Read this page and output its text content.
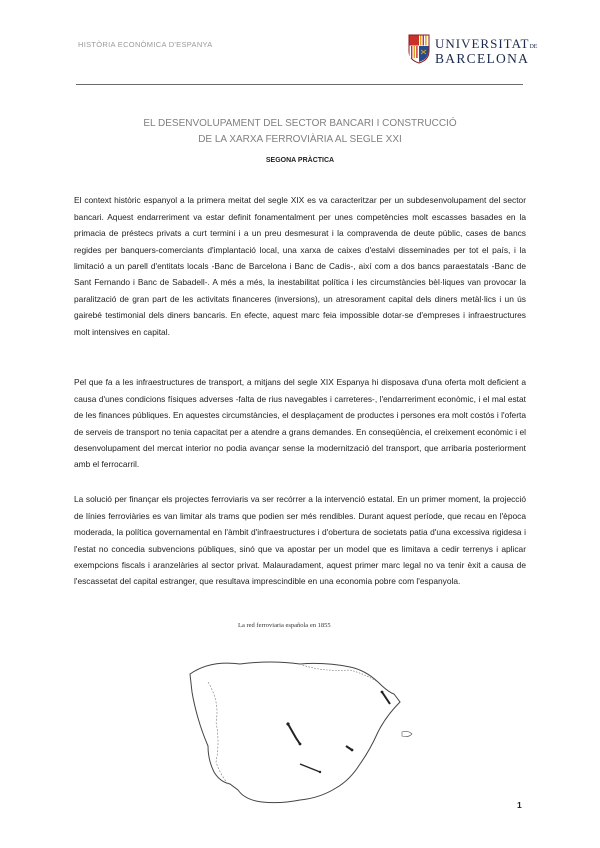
HISTÒRIA ECONÒMICA D'ESPANYA	UNIVERSITATDE
BARCELONA
EL DESENVOLUPAMENT DEL SECTOR BANCARI I CONSTRUCCIÓ
DE LA XARXA FERROVIÀRIA AL SEGLE XXI
SEGONA PRÀCTICA

El context històric espanyol a la primera meitat del segle XIX es va caracteritzar per un subdesenvolupament del sector bancari. Aquest endarreriment va estar definit fonamentalment per unes competències molt escasses basades en la primacia de préstecs privats a curt termini i a un preu desmesurat i la compravenda de deute públic, cases de bancs regides per banquers-comerciants d'implantació local, una xarxa de caixes d'estalvi disseminades per tot el país, i la limitació a un parell d'entitats locals -Banc de Barcelona i Banc de Cadis-, així com a dos bancs paraestatals -Banc de Sant Fernando i Banc de Sabadell-. A més a més, la inestabilitat política i les circumstàncies bèl·liques van provocar la paralització de gran part de les activitats financeres (inversions), un atresorament capital dels diners metàl·lics i un ús gairebé testimonial dels diners bancaris. En efecte, aquest marc feia impossible dotar-se d'empreses i infraestructures molt intensives en capital.

Pel que fa a les infraestructures de transport, a mitjans del segle XIX Espanya hi disposava d'una oferta molt deficient a causa d'unes condicions físiques adverses -falta de rius navegables i carreteres-, l'endarreriment econòmic, i el mal estat de les finances públiques. En aquestes circumstàncies, el desplaçament de productes i persones era molt costós i l'oferta de serveis de transport no tenia capacitat per a atendre a grans demandes. En conseqüència, el creixement econòmic i el desenvolupament del mercat interior no podia avançar sense la modernització del transport, que arribaria posteriorment amb el ferrocarril.

La solució per finançar els projectes ferroviaris va ser recórrer a la intervenció estatal. En un primer moment, la projecció de línies ferroviàries es van limitar als trams que podien ser més rendibles. Durant aquest període, que recau en l'època moderada, la política governamental en l'àmbit d'infraestructures i d'obertura de societats patia d'una excessiva rigidesa i l'estat no concedia subvencions públiques, sinó que va apostar per un model que es limitava a cedir terrenys i aplicar exempcions fiscals i aranzelàries al sector privat. Malauradament, aquest primer marc legal no va tenir èxit a causa de l'escassetat del capital estranger, que resultava imprescindible en una economia pobre com l'espanyola.

La red ferroviaria española en 1855
1
